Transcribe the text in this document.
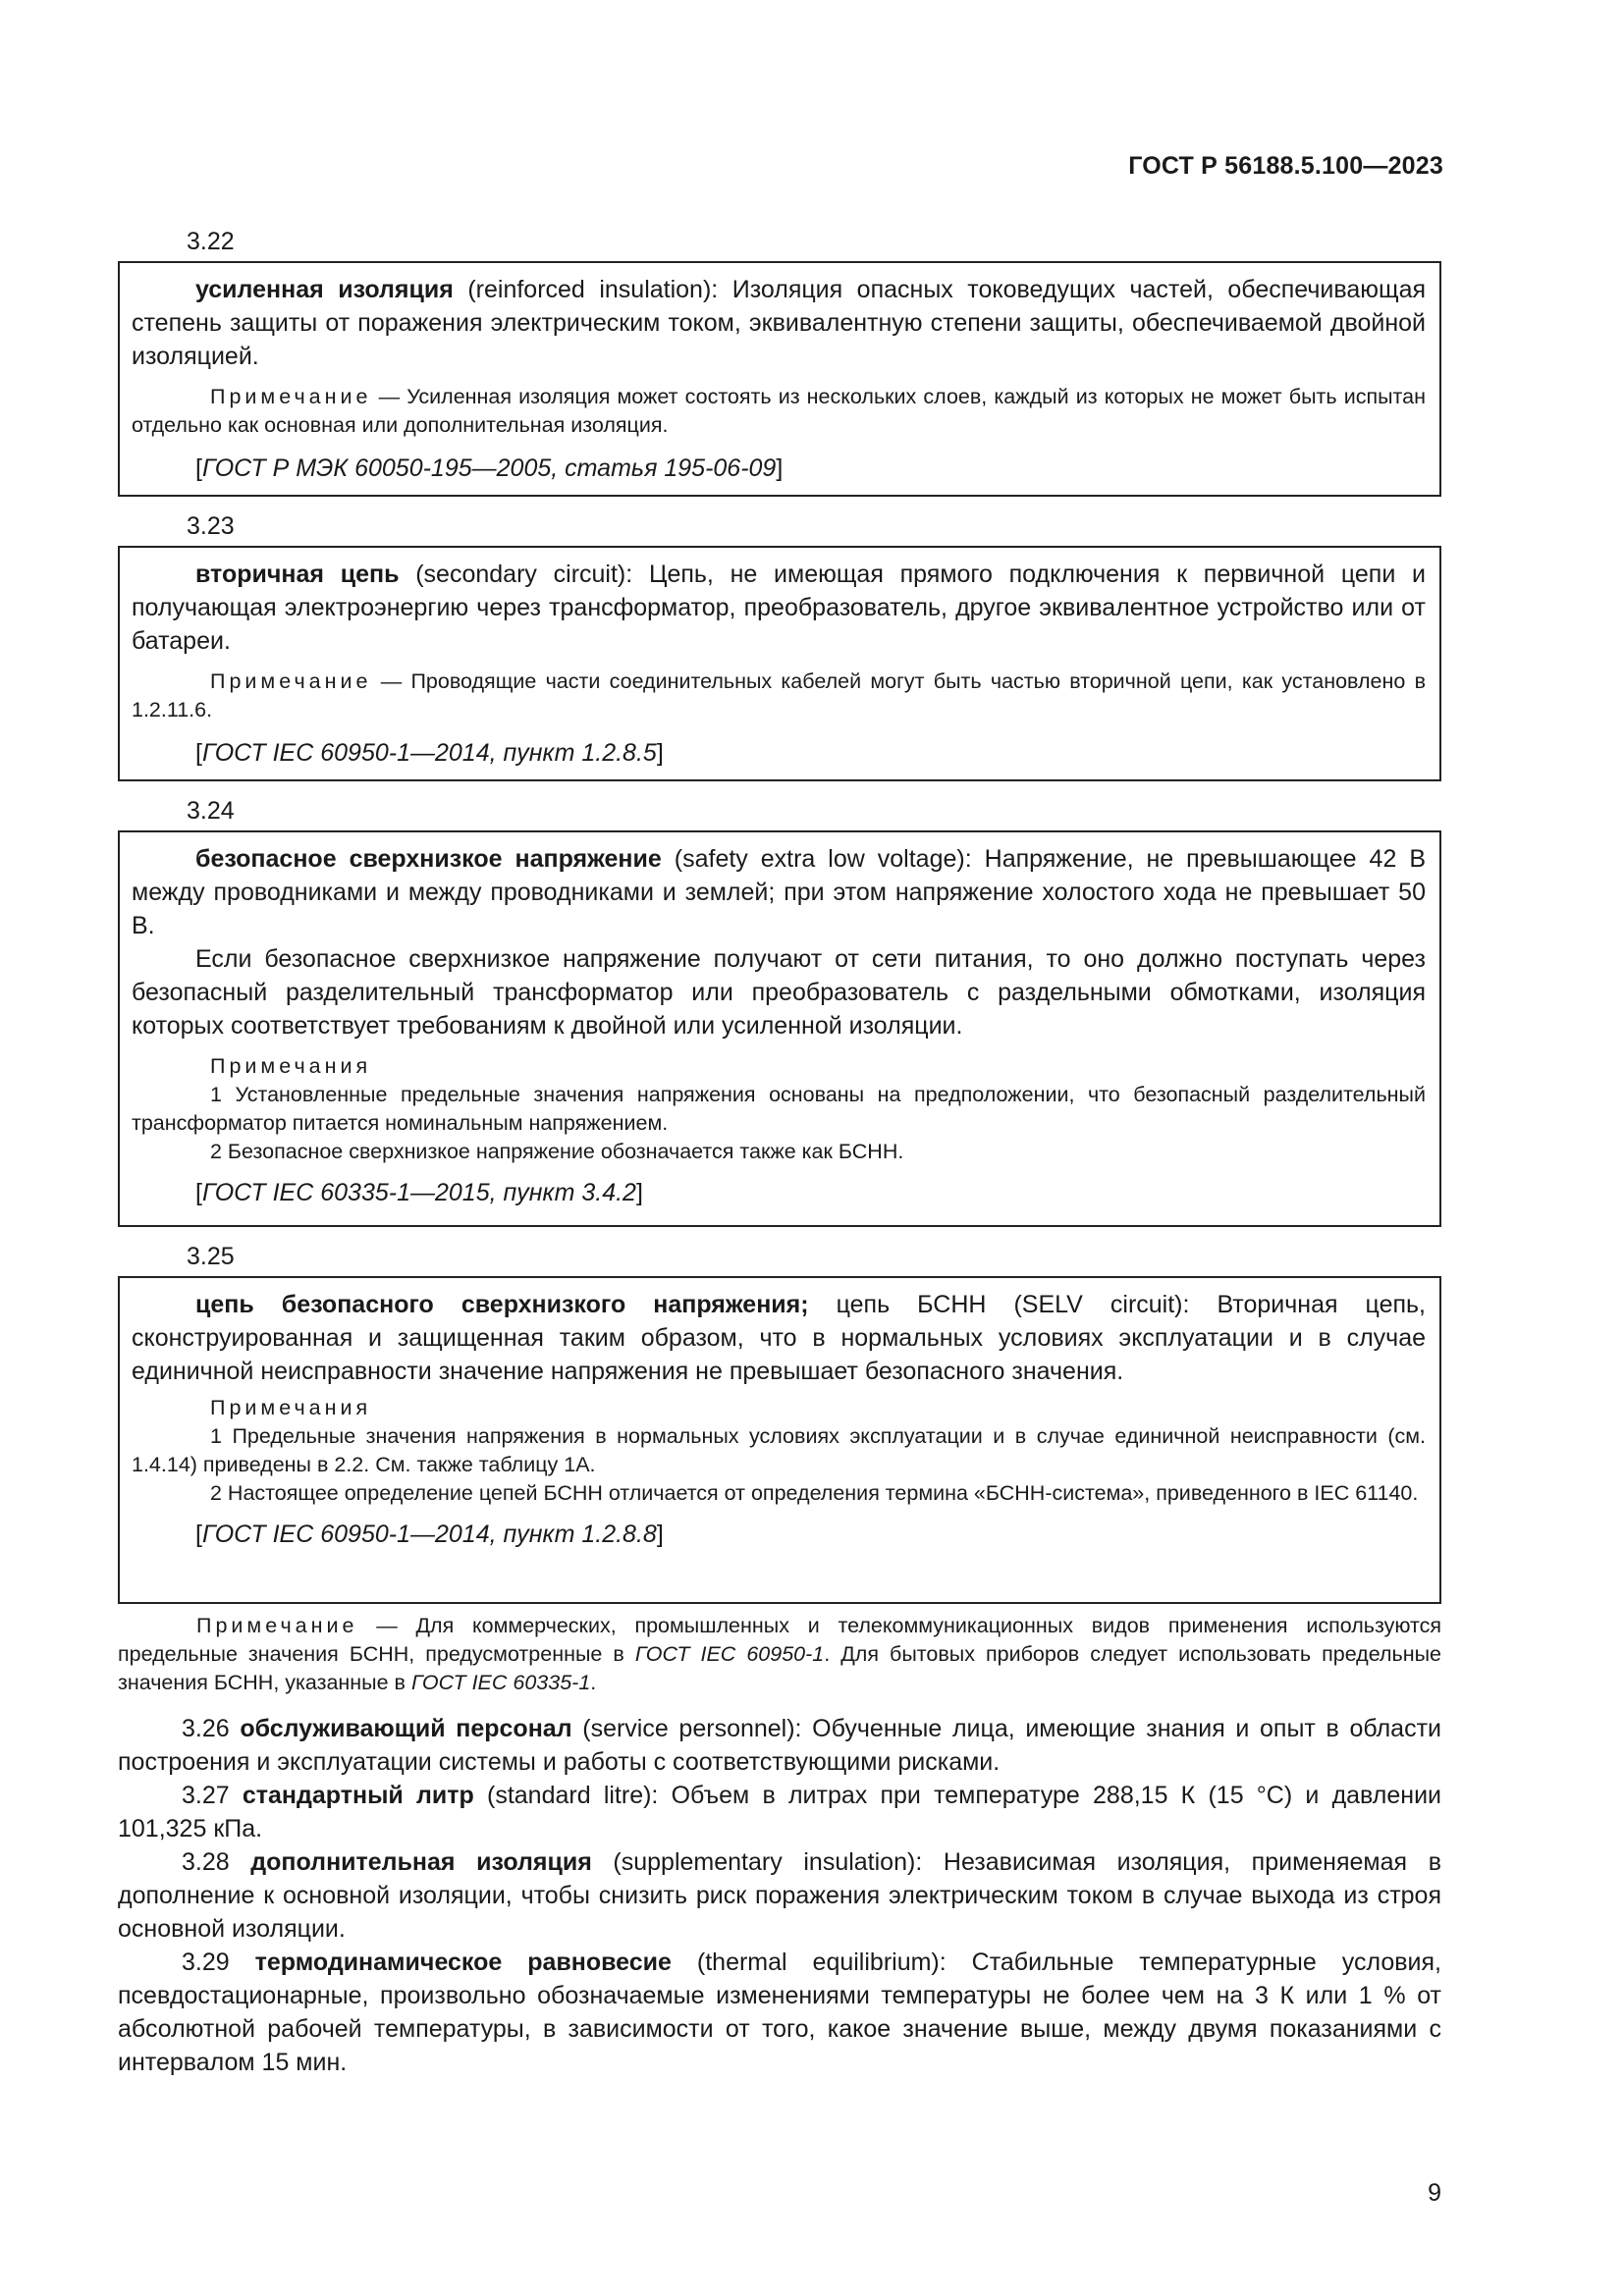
ГОСТ Р 56188.5.100—2023
3.22

усиленная изоляция (reinforced insulation): Изоляция опасных токоведущих частей, обеспечивающая степень защиты от поражения электрическим током, эквивалентную степени защиты, обеспечиваемой двойной изоляцией.

Примечание — Усиленная изоляция может состоять из нескольких слоев, каждый из которых не может быть испытан отдельно как основная или дополнительная изоляция.

[ГОСТ Р МЭК 60050-195—2005, статья 195-06-09]

3.23

вторичная цепь (secondary circuit): Цепь, не имеющая прямого подключения к первичной цепи и получающая электроэнергию через трансформатор, преобразователь, другое эквивалентное устройство или от батареи.

Примечание — Проводящие части соединительных кабелей могут быть частью вторичной цепи, как установлено в 1.2.11.6.

[ГОСТ IEC 60950-1—2014, пункт 1.2.8.5]

3.24

безопасное сверхнизкое напряжение (safety extra low voltage): Напряжение, не превышающее 42 В между проводниками и между проводниками и землей; при этом напряжение холостого хода не превышает 50 В.

Если безопасное сверхнизкое напряжение получают от сети питания, то оно должно поступать через безопасный разделительный трансформатор или преобразователь с раздельными обмотками, изоляция которых соответствует требованиям к двойной или усиленной изоляции.

Примечания

1 Установленные предельные значения напряжения основаны на предположении, что безопасный разделительный трансформатор питается номинальным напряжением.

2 Безопасное сверхнизкое напряжение обозначается также как БСНН.

[ГОСТ IEC 60335-1—2015, пункт 3.4.2]

3.25

цепь безопасного сверхнизкого напряжения; цепь БСНН (SELV circuit): Вторичная цепь, сконструированная и защищенная таким образом, что в нормальных условиях эксплуатации и в случае единичной неисправности значение напряжения не превышает безопасного значения.

Примечания

1 Предельные значения напряжения в нормальных условиях эксплуатации и в случае единичной неисправности (см. 1.4.14) приведены в 2.2. См. также таблицу 1А.

2 Настоящее определение цепей БСНН отличается от определения термина «БСНН-система», приведенного в IEC 61140.

[ГОСТ IEC 60950-1—2014, пункт 1.2.8.8]

Примечание — Для коммерческих, промышленных и телекоммуникационных видов применения используются предельные значения БСНН, предусмотренные в ГОСТ IEC 60950-1. Для бытовых приборов следует использовать предельные значения БСНН, указанные в ГОСТ IEC 60335-1.

3.26 обслуживающий персонал (service personnel): Обученные лица, имеющие знания и опыт в области построения и эксплуатации системы и работы с соответствующими рисками.

3.27 стандартный литр (standard litre): Объем в литрах при температуре 288,15 К (15 °С) и давлении 101,325 кПа.

3.28 дополнительная изоляция (supplementary insulation): Независимая изоляция, применяемая в дополнение к основной изоляции, чтобы снизить риск поражения электрическим током в случае выхода из строя основной изоляции.

3.29 термодинамическое равновесие (thermal equilibrium): Стабильные температурные условия, псевдостационарные, произвольно обозначаемые изменениями температуры не более чем на 3 К или 1 % от абсолютной рабочей температуры, в зависимости от того, какое значение выше, между двумя показаниями с интервалом 15 мин.

9
